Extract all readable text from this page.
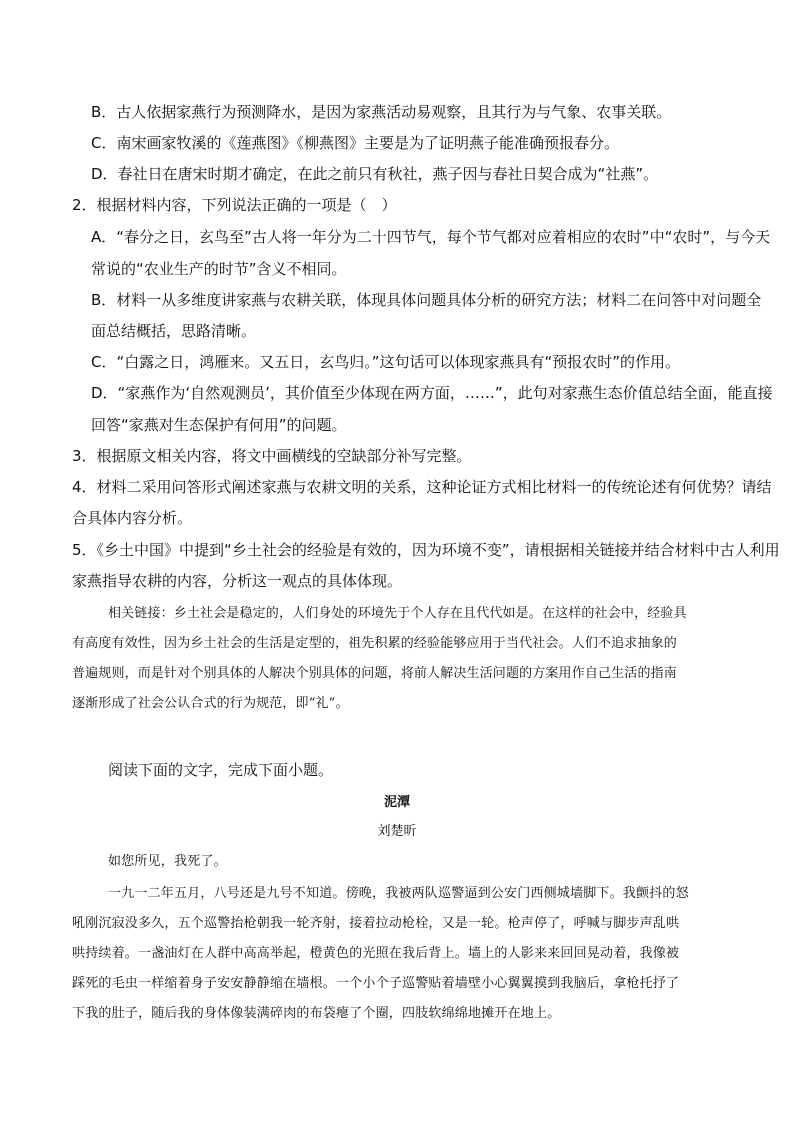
B．古人依据家燕行为预测降水，是因为家燕活动易观察，且其行为与气象、农事关联。
C．南宋画家牧溪的《莲燕图》《柳燕图》主要是为了证明燕子能准确预报春分。
D．春社日在唐宋时期才确定，在此之前只有秋社，燕子因与春社日契合成为“社燕”。
2．根据材料内容，下列说法正确的一项是（　）
A．“春分之日，玄鸟至”古人将一年分为二十四节气，每个节气都对应着相应的农时”中“农时”，与今天
常说的“农业生产的时节”含义不相同。
B．材料一从多维度讲家燕与农耕关联，体现具体问题具体分析的研究方法；材料二在问答中对问题全
面总结概括，思路清晰。
C．“白露之日，鸿雁来。又五日，玄鸟归。”这句话可以体现家燕具有“预报农时”的作用。
D．“家燕作为‘自然观测员’，其价值至少体现在两方面，……”，此句对家燕生态价值总结全面，能直接
回答“家燕对生态保护有何用”的问题。
3．根据原文相关内容，将文中画横线的空缺部分补写完整。
4．材料二采用问答形式阐述家燕与农耕文明的关系，这种论证方式相比材料一的传统论述有何优势？请结
合具体内容分析。
5．《乡土中国》中提到“乡土社会的经验是有效的，因为环境不变”，请根据相关链接并结合材料中古人利用
家燕指导农耕的内容，分析这一观点的具体体现。
相关链接：乡土社会是稳定的，人们身处的环境先于个人存在且代代如是。在这样的社会中，经验具
有高度有效性，因为乡土社会的生活是定型的，祖先积累的经验能够应用于当代社会。人们不追求抽象的
普遍规则，而是针对个别具体的人解决个别具体的问题，将前人解决生活问题的方案用作自己生活的指南
逐渐形成了社会公认合式的行为规范，即“礼”。
阅读下面的文字，完成下面小题。
泥潭
刘楚昕
如您所见，我死了。
一九一二年五月，八号还是九号不知道。傍晚，我被两队巡警逼到公安门西侧城墙脚下。我颤抖的怒
吼刚沉寂没多久，五个巡警抬枪朝我一轮齐射，接着拉动枪栓，又是一轮。枪声停了，呼喊与脚步声乱哄
哄持续着。一盏油灯在人群中高高举起，橙黄色的光照在我后背上。墙上的人影来来回回晃动着，我像被
踩死的毛虫一样缩着身子安安静静缩在墙根。一个小个子巡警贴着墙壁小心翼翼摸到我脑后，拿枪托抒了
下我的肚子，随后我的身体像装满碎肉的布袋瘪了个圈，四肢软绵绵地摊开在地上。
